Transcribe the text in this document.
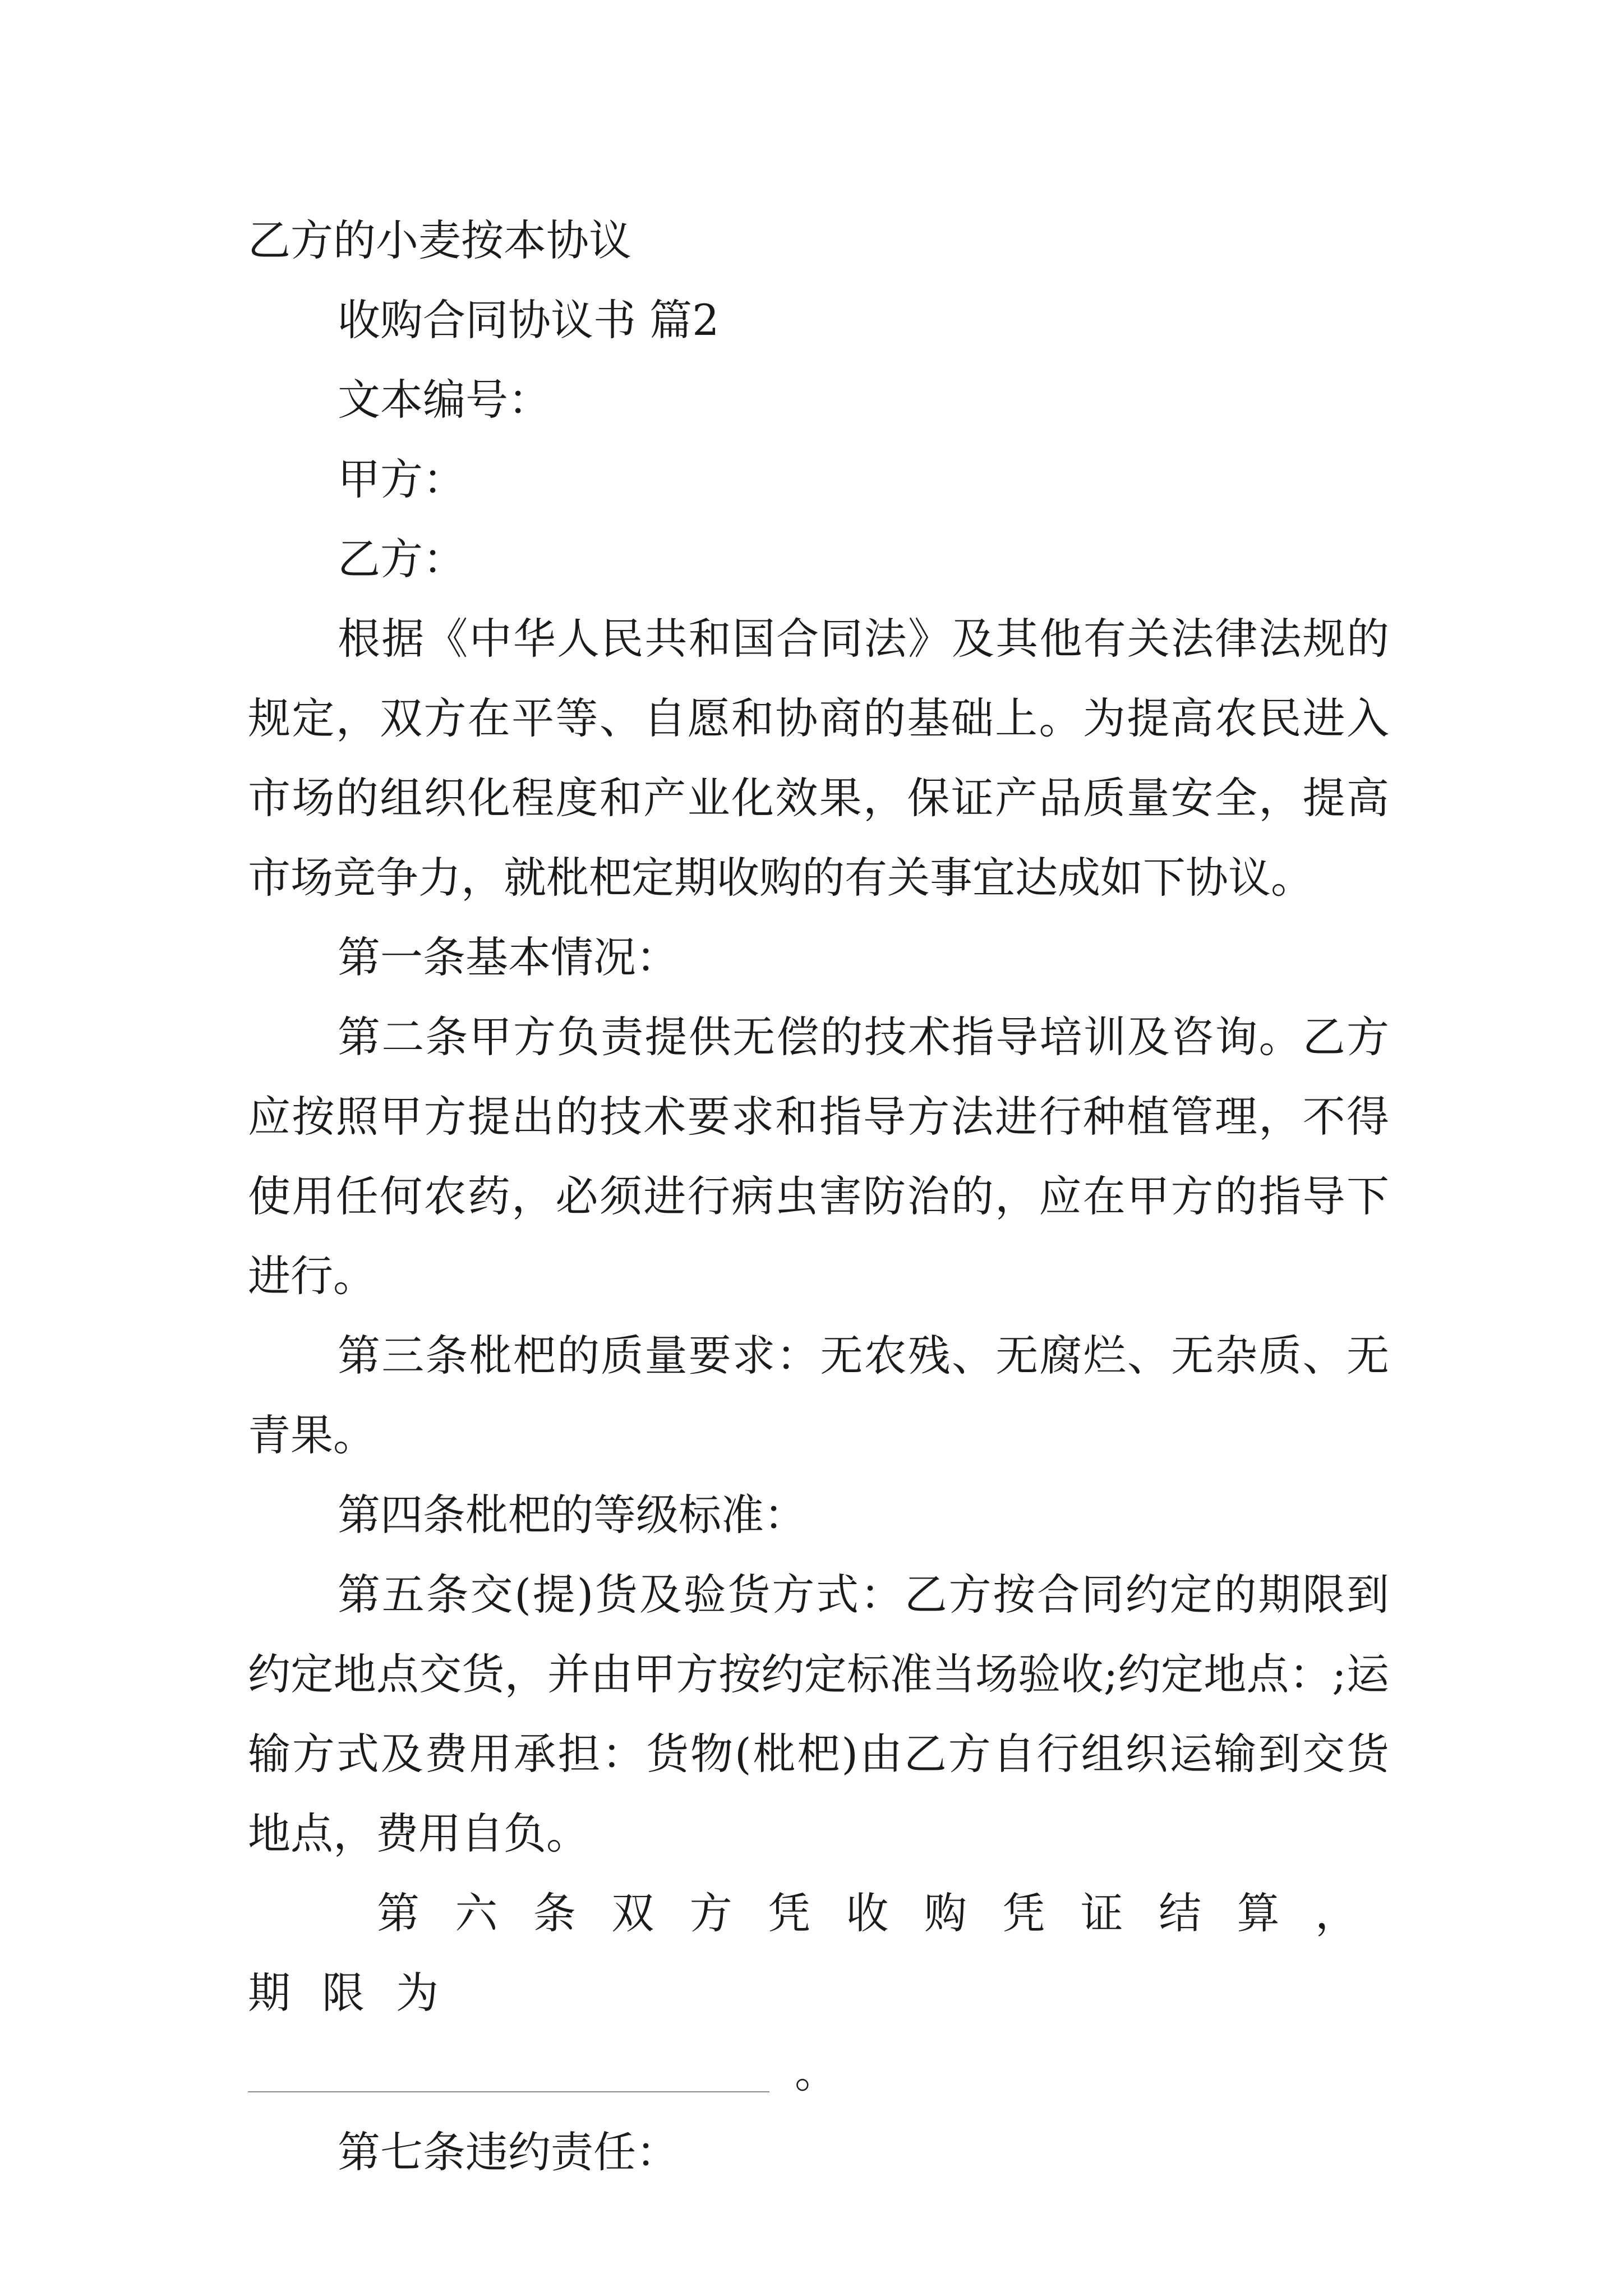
乙方的小麦按本协议

收购合同协议书 篇2

文本编号：

甲方：

乙方：

根据《中华人民共和国合同法》及其他有关法律法规的规定，双方在平等、自愿和协商的基础上。为提高农民进入市场的组织化程度和产业化效果，保证产品质量安全，提高市场竞争力，就枇杷定期收购的有关事宜达成如下协议。

第一条基本情况：

第二条甲方负责提供无偿的技术指导培训及咨询。乙方应按照甲方提出的技术要求和指导方法进行种植管理，不得使用任何农药，必须进行病虫害防治的，应在甲方的指导下进行。

第三条枇杷的质量要求：无农残、无腐烂、无杂质、无青果。

第四条枇杷的等级标准：

第五条交(提)货及验货方式：乙方按合同约定的期限到约定地点交货，并由甲方按约定标准当场验收;约定地点：;运输方式及费用承担：货物(枇杷)由乙方自行组织运输到交货地点，费用自负。

第六条双方凭收购凭证结算，期限为

。

第七条违约责任：
